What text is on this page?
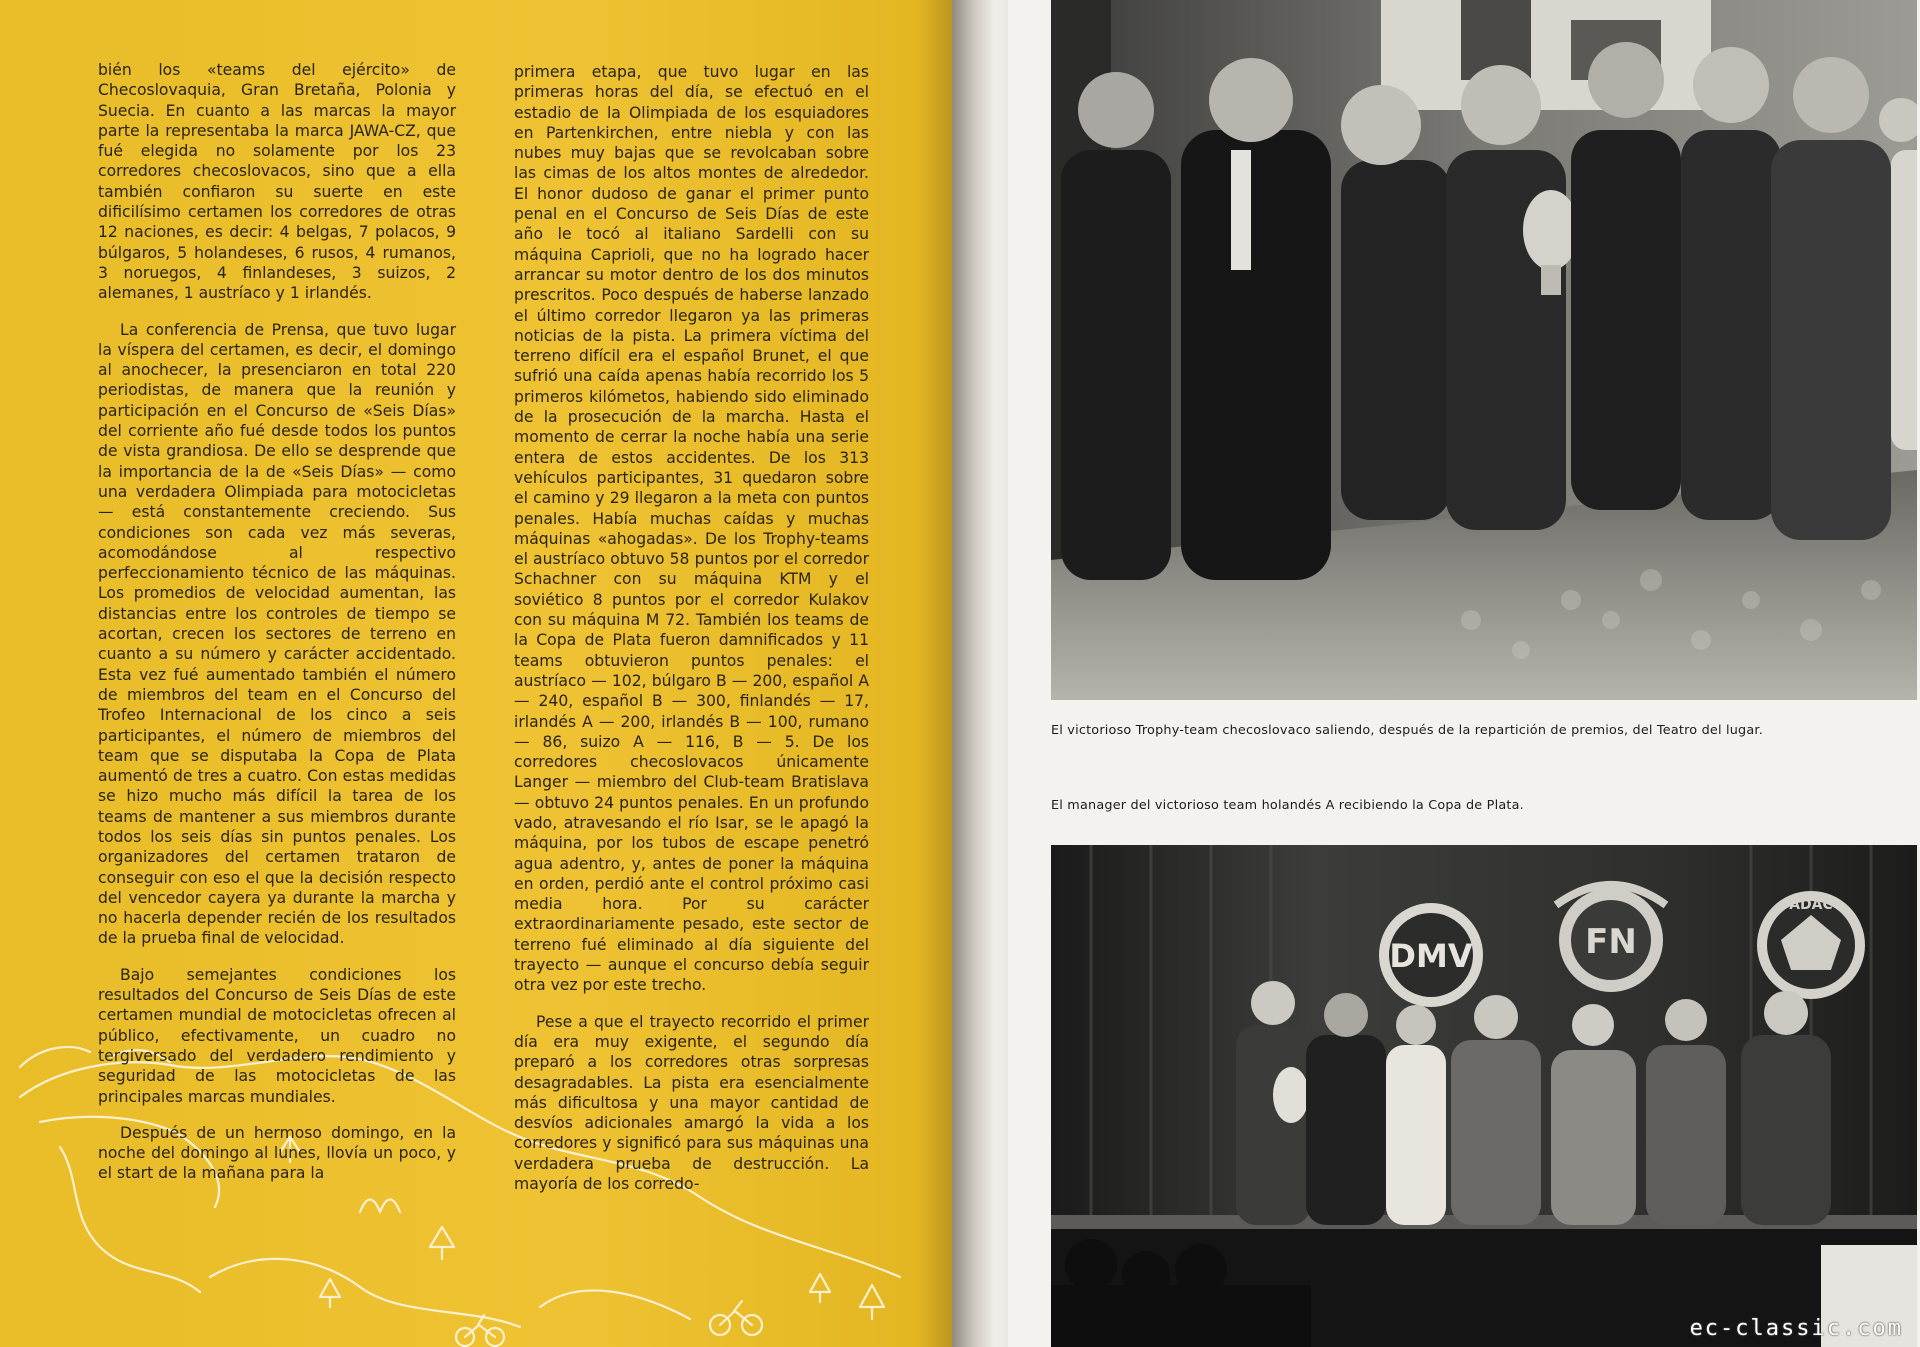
bién los «teams del ejército» de Checoslovaquia, Gran Bretaña, Polonia y Suecia. En cuanto a las marcas la mayor parte la representaba la marca JAWA-CZ, que fué elegida no solamente por los 23 corredores checoslovacos, sino que a ella también confiaron su suerte en este dificilísimo certamen los corredores de otras 12 naciones, es decir: 4 belgas, 7 polacos, 9 búlgaros, 5 holandeses, 6 rusos, 4 rumanos, 3 noruegos, 4 finlandeses, 3 suizos, 2 alemanes, 1 austríaco y 1 irlandés.

La conferencia de Prensa, que tuvo lugar la víspera del certamen, es decir, el domingo al anochecer, la presenciaron en total 220 periodistas, de manera que la reunión y participación en el Concurso de «Seis Días» del corriente año fué desde todos los puntos de vista grandiosa. De ello se desprende que la importancia de la de «Seis Días» — como una verdadera Olimpiada para motocicletas — está constantemente creciendo. Sus condiciones son cada vez más severas, acomodándose al respectivo perfeccionamiento técnico de las máquinas. Los promedios de velocidad aumentan, las distancias entre los controles de tiempo se acortan, crecen los sectores de terreno en cuanto a su número y carácter accidentado. Esta vez fué aumentado también el número de miembros del team en el Concurso del Trofeo Internacional de los cinco a seis participantes, el número de miembros del team que se disputaba la Copa de Plata aumentó de tres a cuatro. Con estas medidas se hizo mucho más difícil la tarea de los teams de mantener a sus miembros durante todos los seis días sin puntos penales. Los organizadores del certamen trataron de conseguir con eso el que la decisión respecto del vencedor cayera ya durante la marcha y no hacerla depender recién de los resultados de la prueba final de velocidad.

Bajo semejantes condiciones los resultados del Concurso de Seis Días de este certamen mundial de motocicletas ofrecen al público, efectivamente, un cuadro no tergiversado del verdadero rendimiento y seguridad de las motocicletas de las principales marcas mundiales.

Después de un hermoso domingo, en la noche del domingo al lunes, llovía un poco, y el start de la mañana para la

primera etapa, que tuvo lugar en las primeras horas del día, se efectuó en el estadio de la Olimpiada de los esquiadores en Partenkirchen, entre niebla y con las nubes muy bajas que se revolcaban sobre las cimas de los altos montes de alrededor. El honor dudoso de ganar el primer punto penal en el Concurso de Seis Días de este año le tocó al italiano Sardelli con su máquina Caprioli, que no ha logrado hacer arrancar su motor dentro de los dos minutos prescritos. Poco después de haberse lanzado el último corredor llegaron ya las primeras noticias de la pista. La primera víctima del terreno difícil era el español Brunet, el que sufrió una caída apenas había recorrido los 5 primeros kilómetos, habiendo sido eliminado de la prosecución de la marcha. Hasta el momento de cerrar la noche había una serie entera de estos accidentes. De los 313 vehículos participantes, 31 quedaron sobre el camino y 29 llegaron a la meta con puntos penales. Había muchas caídas y muchas máquinas «ahogadas». De los Trophy-teams el austríaco obtuvo 58 puntos por el corredor Schachner con su máquina KTM y el soviético 8 puntos por el corredor Kulakov con su máquina M 72. También los teams de la Copa de Plata fueron damnificados y 11 teams obtuvieron puntos penales: el austríaco — 102, búlgaro B — 200, español A — 240, español B — 300, finlandés — 17, irlandés A — 200, irlandés B — 100, rumano — 86, suizo A — 116, B — 5. De los corredores checoslovacos únicamente Langer — miembro del Club-team Bratislava — obtuvo 24 puntos penales. En un profundo vado, atravesando el río Isar, se le apagó la máquina, por los tubos de escape penetró agua adentro, y, antes de poner la máquina en orden, perdió ante el control próximo casi media hora. Por su carácter extraordinariamente pesado, este sector de terreno fué eliminado al día siguiente del trayecto — aunque el concurso debía seguir otra vez por este trecho.

Pese a que el trayecto recorrido el primer día era muy exigente, el segundo día preparó a los corredores otras sorpresas desagradables. La pista era esencialmente más dificultosa y una mayor cantidad de desvíos adicionales amargó la vida a los corredores y significó para sus máquinas una verdadera prueba de destrucción. La mayoría de los corredo-

El victorioso Trophy-team checoslovaco saliendo, después de la repartición de premios, del Teatro del lugar.
El manager del victorioso team holandés A recibiendo la Copa de Plata.
DMV	FN
ADAC
ec-classic.com
